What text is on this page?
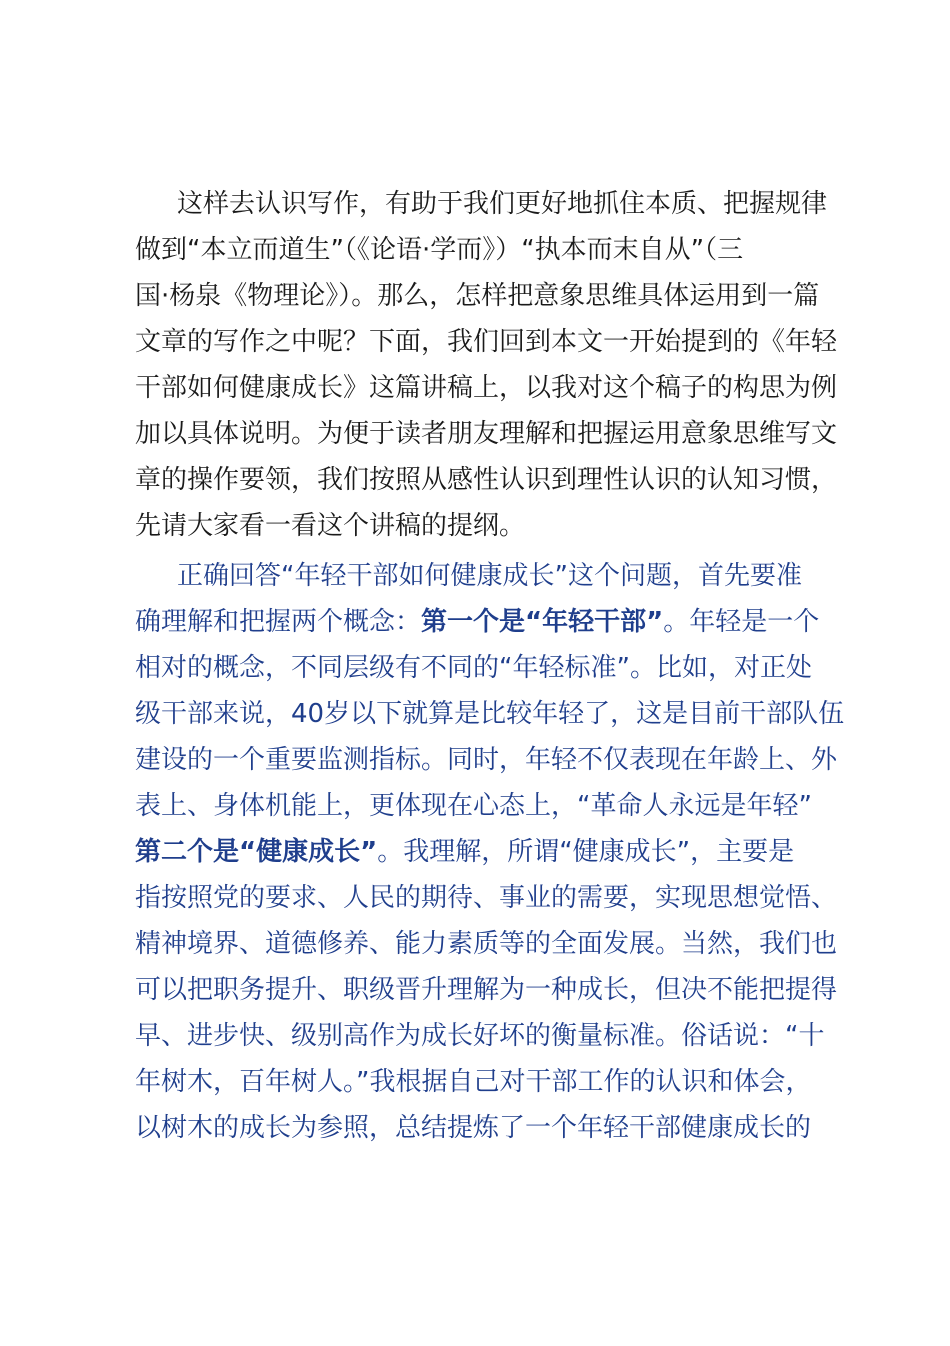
这样去认识写作，有助于我们更好地抓住本质、把握规律
做到“本立而道生”（《论语·学而》）“执本而末自从”（三
国·杨泉《物理论》）。那么，怎样把意象思维具体运用到一篇
文章的写作之中呢？下面，我们回到本文一开始提到的《年轻
干部如何健康成长》这篇讲稿上，以我对这个稿子的构思为例
加以具体说明。为便于读者朋友理解和把握运用意象思维写文
章的操作要领，我们按照从感性认识到理性认识的认知习惯，
先请大家看一看这个讲稿的提纲。
正确回答“年轻干部如何健康成长”这个问题，首先要准
确理解和把握两个概念：第一个是“年轻干部”。年轻是一个
相对的概念，不同层级有不同的“年轻标准”。比如，对正处
级干部来说，40岁以下就算是比较年轻了，这是目前干部队伍
建设的一个重要监测指标。同时，年轻不仅表现在年龄上、外
表上、身体机能上，更体现在心态上，“革命人永远是年轻”
第二个是“健康成长”。我理解，所谓“健康成长”，主要是
指按照党的要求、人民的期待、事业的需要，实现思想觉悟、
精神境界、道德修养、能力素质等的全面发展。当然，我们也
可以把职务提升、职级晋升理解为一种成长，但决不能把提得
早、进步快、级别高作为成长好坏的衡量标准。俗话说：“十
年树木，百年树人。”我根据自己对干部工作的认识和体会，
以树木的成长为参照，总结提炼了一个年轻干部健康成长的
